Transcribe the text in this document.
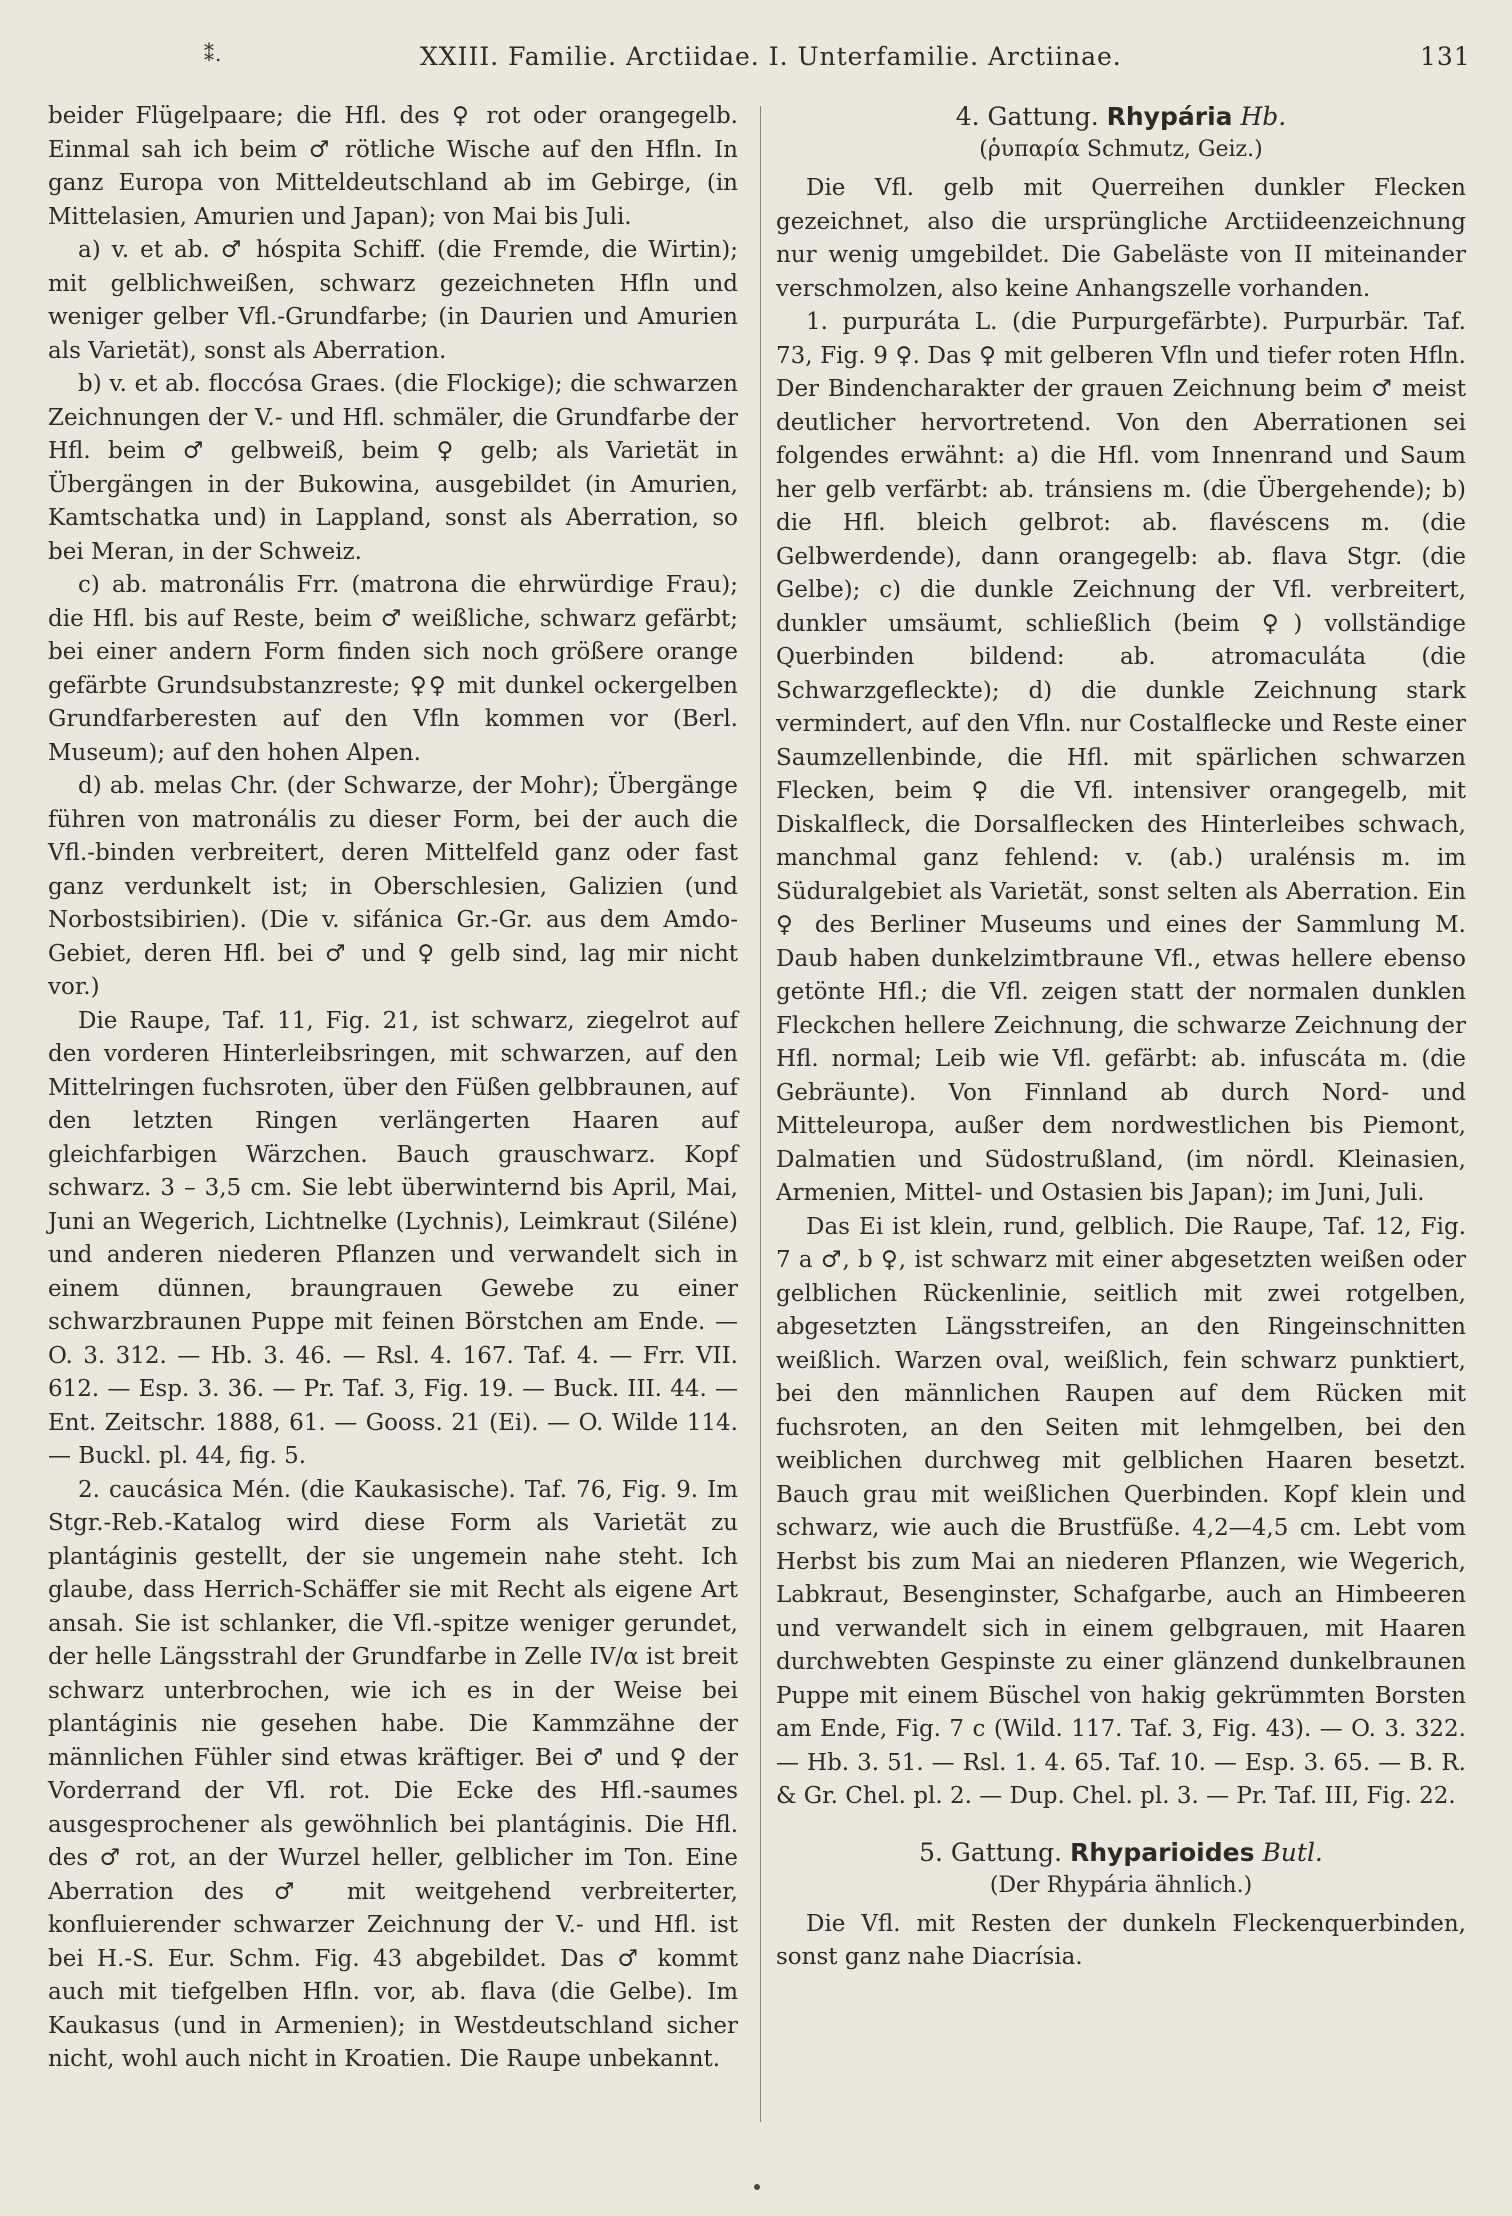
⁑.	XXIII. Familie. Arctiidae. I. Unterfamilie. Arctiinae.	131

beider Flügelpaare; die Hfl. des ♀ rot oder orangegelb. Einmal sah ich beim ♂ rötliche Wische auf den Hfln. In ganz Europa von Mitteldeutschland ab im Gebirge, (in Mittelasien, Amurien und Japan); von Mai bis Juli.

a) v. et ab. ♂ hóspita Schiff. (die Fremde, die Wirtin); mit gelblichweißen, schwarz gezeichneten Hfln und weniger gelber Vfl.-Grundfarbe; (in Daurien und Amurien als Varietät), sonst als Aberration.

b) v. et ab. floccósa Graes. (die Flockige); die schwarzen Zeichnungen der V.- und Hfl. schmäler, die Grundfarbe der Hfl. beim ♂ gelbweiß, beim ♀ gelb; als Varietät in Übergängen in der Bukowina, ausgebildet (in Amurien, Kamtschatka und) in Lappland, sonst als Aberration, so bei Meran, in der Schweiz.

c) ab. matronális Frr. (matrona die ehrwürdige Frau); die Hfl. bis auf Reste, beim ♂ weißliche, schwarz gefärbt; bei einer andern Form finden sich noch größere orange gefärbte Grundsubstanzreste; ♀♀ mit dunkel ockergelben Grundfarberesten auf den Vfln kommen vor (Berl. Museum); auf den hohen Alpen.

d) ab. melas Chr. (der Schwarze, der Mohr); Übergänge führen von matronális zu dieser Form, bei der auch die Vfl.-binden verbreitert, deren Mittelfeld ganz oder fast ganz verdunkelt ist; in Oberschlesien, Galizien (und Norbostsibirien). (Die v. sifánica Gr.-Gr. aus dem Amdo-Gebiet, deren Hfl. bei ♂ und ♀ gelb sind, lag mir nicht vor.)

Die Raupe, Taf. 11, Fig. 21, ist schwarz, ziegelrot auf den vorderen Hinterleibsringen, mit schwarzen, auf den Mittelringen fuchsroten, über den Füßen gelbbraunen, auf den letzten Ringen verlängerten Haaren auf gleichfarbigen Wärzchen. Bauch grauschwarz. Kopf schwarz. 3 – 3,5 cm. Sie lebt überwinternd bis April, Mai, Juni an Wegerich, Lichtnelke (Lychnis), Leimkraut (Siléne) und anderen niederen Pflanzen und verwandelt sich in einem dünnen, braungrauen Gewebe zu einer schwarzbraunen Puppe mit feinen Börstchen am Ende. — O. 3. 312. — Hb. 3. 46. — Rsl. 4. 167. Taf. 4. — Frr. VII. 612. — Esp. 3. 36. — Pr. Taf. 3, Fig. 19. — Buck. III. 44. — Ent. Zeitschr. 1888, 61. — Gooss. 21 (Ei). — O. Wilde 114. — Buckl. pl. 44, fig. 5.

2. caucásica Mén. (die Kaukasische). Taf. 76, Fig. 9. Im Stgr.-Reb.-Katalog wird diese Form als Varietät zu plantáginis gestellt, der sie ungemein nahe steht. Ich glaube, dass Herrich-Schäffer sie mit Recht als eigene Art ansah. Sie ist schlanker, die Vfl.-spitze weniger gerundet, der helle Längsstrahl der Grundfarbe in Zelle IV/α ist breit schwarz unterbrochen, wie ich es in der Weise bei plantáginis nie gesehen habe. Die Kammzähne der männlichen Fühler sind etwas kräftiger. Bei ♂ und ♀ der Vorderrand der Vfl. rot. Die Ecke des Hfl.-saumes ausgesprochener als gewöhnlich bei plantáginis. Die Hfl. des ♂ rot, an der Wurzel heller, gelblicher im Ton. Eine Aberration des ♂ mit weitgehend verbreiterter, konfluierender schwarzer Zeichnung der V.- und Hfl. ist bei H.-S. Eur. Schm. Fig. 43 abgebildet. Das ♂ kommt auch mit tiefgelben Hfln. vor, ab. flava (die Gelbe). Im Kaukasus (und in Armenien); in Westdeutschland sicher nicht, wohl auch nicht in Kroatien. Die Raupe unbekannt.

4. Gattung. Rhypária Hb.

(ῥυπαρία Schmutz, Geiz.)

Die Vfl. gelb mit Querreihen dunkler Flecken gezeichnet, also die ursprüngliche Arctiideenzeichnung nur wenig umgebildet. Die Gabeläste von II miteinander verschmolzen, also keine Anhangszelle vorhanden.

1. purpuráta L. (die Purpurgefärbte). Purpurbär. Taf. 73, Fig. 9 ♀. Das ♀ mit gelberen Vfln und tiefer roten Hfln. Der Bindencharakter der grauen Zeichnung beim ♂ meist deutlicher hervortretend. Von den Aberrationen sei folgendes erwähnt: a) die Hfl. vom Innenrand und Saum her gelb verfärbt: ab. tránsiens m. (die Übergehende); b) die Hfl. bleich gelbrot: ab. flavéscens m. (die Gelbwerdende), dann orangegelb: ab. flava Stgr. (die Gelbe); c) die dunkle Zeichnung der Vfl. verbreitert, dunkler umsäumt, schließlich (beim ♀) vollständige Querbinden bildend: ab. atromaculáta (die Schwarzgefleckte); d) die dunkle Zeichnung stark vermindert, auf den Vfln. nur Costalflecke und Reste einer Saumzellenbinde, die Hfl. mit spärlichen schwarzen Flecken, beim ♀ die Vfl. intensiver orangegelb, mit Diskalfleck, die Dorsalflecken des Hinterleibes schwach, manchmal ganz fehlend: v. (ab.) uralénsis m. im Süduralgebiet als Varietät, sonst selten als Aberration. Ein ♀ des Berliner Museums und eines der Sammlung M. Daub haben dunkelzimtbraune Vfl., etwas hellere ebenso getönte Hfl.; die Vfl. zeigen statt der normalen dunklen Fleckchen hellere Zeichnung, die schwarze Zeichnung der Hfl. normal; Leib wie Vfl. gefärbt: ab. infuscáta m. (die Gebräunte). Von Finnland ab durch Nord- und Mitteleuropa, außer dem nordwestlichen bis Piemont, Dalmatien und Südostrußland, (im nördl. Kleinasien, Armenien, Mittel- und Ostasien bis Japan); im Juni, Juli.

Das Ei ist klein, rund, gelblich. Die Raupe, Taf. 12, Fig. 7 a ♂, b ♀, ist schwarz mit einer abgesetzten weißen oder gelblichen Rückenlinie, seitlich mit zwei rotgelben, abgesetzten Längsstreifen, an den Ringeinschnitten weißlich. Warzen oval, weißlich, fein schwarz punktiert, bei den männlichen Raupen auf dem Rücken mit fuchsroten, an den Seiten mit lehmgelben, bei den weiblichen durchweg mit gelblichen Haaren besetzt. Bauch grau mit weißlichen Querbinden. Kopf klein und schwarz, wie auch die Brustfüße. 4,2—4,5 cm. Lebt vom Herbst bis zum Mai an niederen Pflanzen, wie Wegerich, Labkraut, Besenginster, Schafgarbe, auch an Himbeeren und verwandelt sich in einem gelbgrauen, mit Haaren durchwebten Gespinste zu einer glänzend dunkelbraunen Puppe mit einem Büschel von hakig gekrümmten Borsten am Ende, Fig. 7 c (Wild. 117. Taf. 3, Fig. 43). — O. 3. 322. — Hb. 3. 51. — Rsl. 1. 4. 65. Taf. 10. — Esp. 3. 65. — B. R. & Gr. Chel. pl. 2. — Dup. Chel. pl. 3. — Pr. Taf. III, Fig. 22.

5. Gattung. Rhyparioides Butl.

(Der Rhypária ähnlich.)

Die Vfl. mit Resten der dunkeln Fleckenquerbinden, sonst ganz nahe Diacrísia.
